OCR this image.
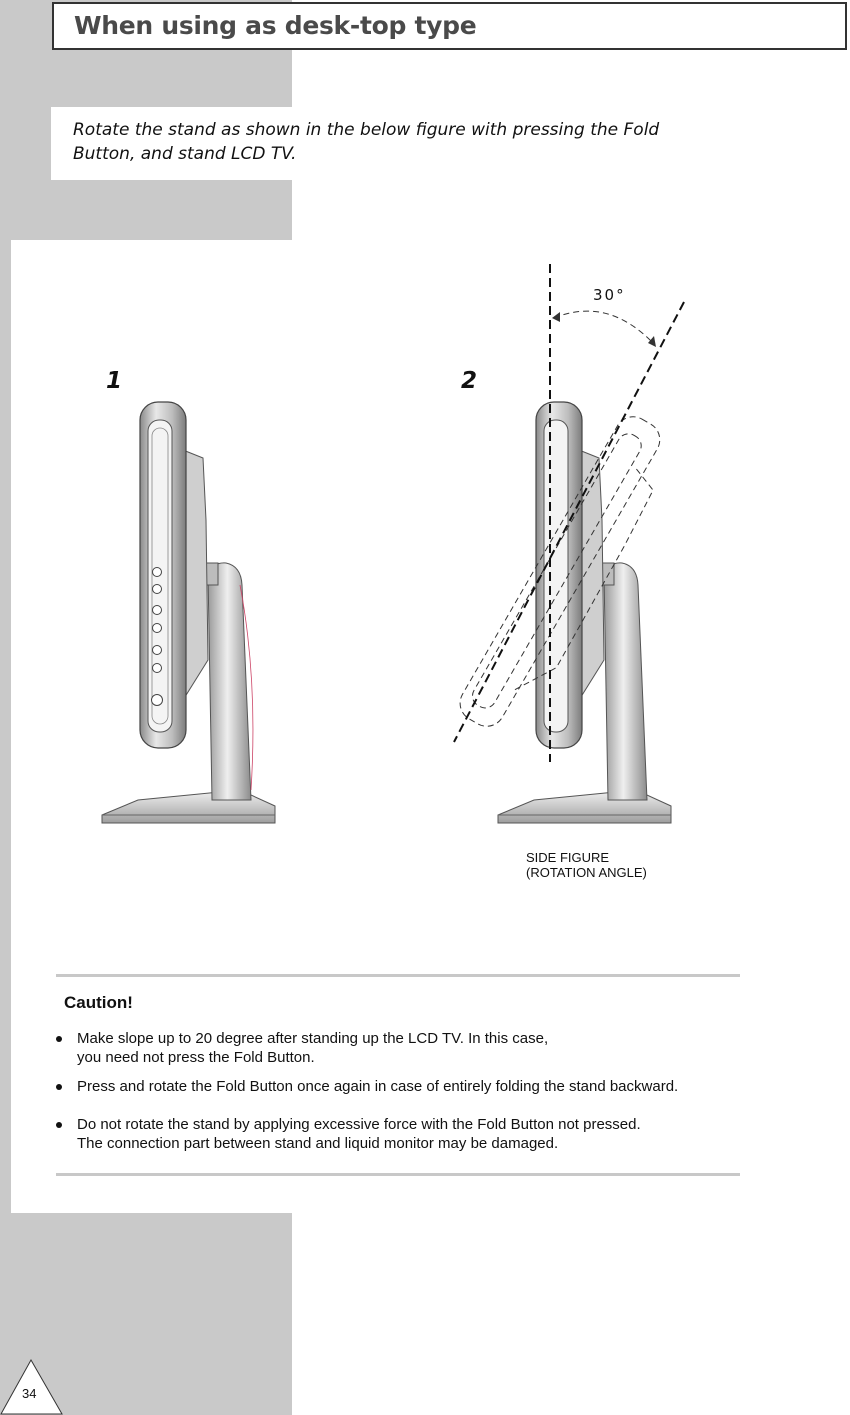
When using as desk-top type
Rotate the stand as shown in the below figure with pressing the Fold
Button, and stand LCD TV.
1	2
30°
SIDE FIGURE
(ROTATION ANGLE)
Caution!
Make slope up to 20 degree after standing up the LCD TV. In this case,
you need not press the Fold Button.
Press and rotate the Fold Button once again in case of entirely folding the stand backward.
Do not rotate the stand by applying excessive force with the Fold Button not pressed.
The connection part between stand and liquid monitor may be damaged.
34
